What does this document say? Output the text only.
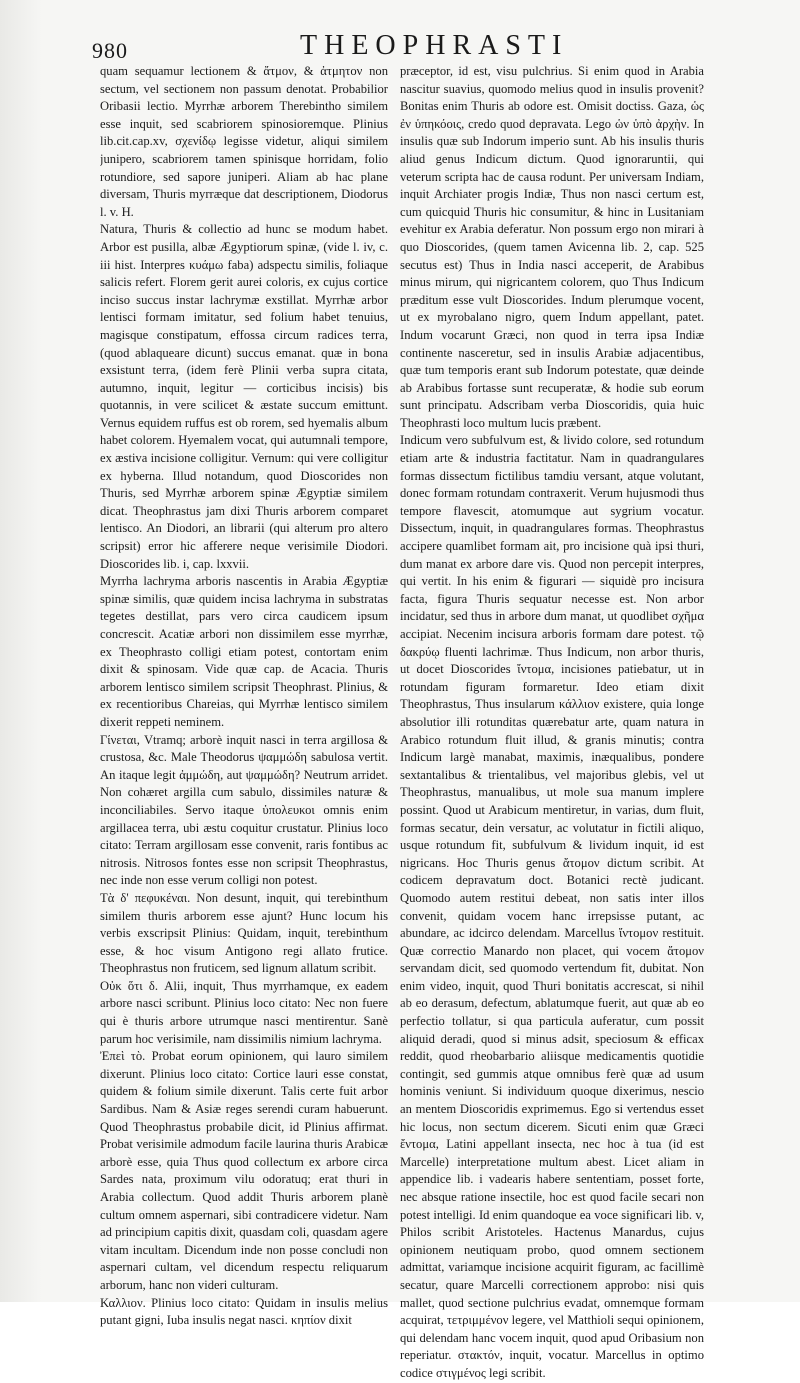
980	THEOPHRASTI

quam sequamur lectionem & ἄτμον, & ἀτμητον non sectum, vel sectionem non passum denotat. Probabilior Oribasii lectio. Myrrhæ arborem Therebintho similem esse inquit, sed scabriorem spinosioremque. Plinius lib.cit.cap.xv, σχενίδῳ legisse videtur, aliqui similem junipero, scabriorem tamen spinisque horridam, folio rotundiore, sed sapore juniperi. Aliam ab hac plane diversam, Thuris myrræque dat descriptionem, Diodorus l. v. H.

Natura, Thuris & collectio ad hunc se modum habet. Arbor est pusilla, albæ Ægyptiorum spinæ, (vide l. iv, c. iii hist. Interpres κυάμω faba) adspectu similis, foliaque salicis refert. Florem gerit aurei coloris, ex cujus cortice inciso succus instar lachrymæ exstillat. Myrrhæ arbor lentisci formam imitatur, sed folium habet tenuius, magisque constipatum, effossa circum radices terra, (quod ablaqueare dicunt) succus emanat. quæ in bona exsistunt terra, (idem ferè Plinii verba supra citata, autumno, inquit, legitur — corticibus incisis) bis quotannis, in vere scilicet & æstate succum emittunt. Vernus equidem ruffus est ob rorem, sed hyemalis album habet colorem. Hyemalem vocat, qui autumnali tempore, ex æstiva incisione colligitur. Vernum: qui vere colligitur ex hyberna. Illud notandum, quod Dioscorides non Thuris, sed Myrrhæ arborem spinæ Ægyptiæ similem dicat. Theophrastus jam dixi Thuris arborem comparet lentisco. An Diodori, an librarii (qui alterum pro altero scripsit) error hic afferere neque verisimile Diodori. Dioscorides lib. i, cap. lxxvii.

Myrrha lachryma arboris nascentis in Arabia Ægyptiæ spinæ similis, quæ quidem incisa lachryma in substratas tegetes destillat, pars vero circa caudicem ipsum concrescit. Acatiæ arbori non dissimilem esse myrrhæ, ex Theophrasto colligi etiam potest, contortam enim dixit & spinosam. Vide quæ cap. de Acacia. Thuris arborem lentisco similem scripsit Theophrast. Plinius, & ex recentioribus Chareias, qui Myrrhæ lentisco similem dixerit reppeti neminem.

Γίνεται, Vtramq; arborè inquit nasci in terra argillosa & crustosa, &c. Male Theodorus ψαμμώδη sabulosa vertit. An itaque legit ἀμμώδη, aut ψαμμώδη? Neutrum arridet. Non cohæret argilla cum sabulo, dissimiles naturæ & inconciliabiles. Servo itaque ὑπολευκοι omnis enim argillacea terra, ubi æstu coquitur crustatur. Plinius loco citato: Terram argillosam esse convenit, raris fontibus ac nitrosis. Nitrosos fontes esse non scripsit Theophrastus, nec inde non esse verum colligi non potest.

Τὰ δ' πεφυκέναι. Non desunt, inquit, qui terebinthum similem thuris arborem esse ajunt? Hunc locum his verbis exscripsit Plinius: Quidam, inquit, terebinthum esse, & hoc visum Antigono regi allato frutice. Theophrastus non fruticem, sed lignum allatum scribit.

Οὐκ ὅτι δ. Alii, inquit, Thus myrrhamque, ex eadem arbore nasci scribunt. Plinius loco citato: Nec non fuere qui è thuris arbore utrumque nasci mentirentur. Sanè parum hoc verisimile, nam dissimilis nimium lachryma.

Ἐπεὶ τὸ. Probat eorum opinionem, qui lauro similem dixerunt. Plinius loco citato: Cortice lauri esse constat, quidem & folium simile dixerunt. Talis certe fuit arbor Sardibus. Nam & Asiæ reges serendi curam habuerunt. Quod Theophrastus probabile dicit, id Plinius affirmat. Probat verisimile admodum facile laurina thuris Arabicæ arborè esse, quia Thus quod collectum ex arbore circa Sardes nata, proximum vilu odoratuq; erat thuri in Arabia collectum. Quod addit Thuris arborem planè cultum omnem aspernari, sibi contradicere videtur. Nam ad principium capitis dixit, quasdam coli, quasdam agere vitam incultam. Dicendum inde non posse concludi non aspernari cultam, vel dicendum respectu reliquarum arborum, hanc non videri culturam.

Καλλιον. Plinius loco citato: Quidam in insulis melius putant gigni, Iuba insulis negat nasci. κηπίον dixit

præceptor, id est, visu pulchrius. Si enim quod in Arabia nascitur suavius, quomodo melius quod in insulis provenit? Bonitas enim Thuris ab odore est. Omisit doctiss. Gaza, ὡς ἐν ὑπηκόοις, credo quod depravata. Lego ὡν ὑπὸ ἀρχὴν. In insulis quæ sub Indorum imperio sunt. Ab his insulis thuris aliud genus Indicum dictum. Quod ignoraruntii, qui veterum scripta hac de causa rodunt. Per universam Indiam, inquit Archiater progis Indiæ, Thus non nasci certum est, cum quicquid Thuris hic consumitur, & hinc in Lusitaniam evehitur ex Arabia deferatur. Non possum ergo non mirari à quo Dioscorides, (quem tamen Avicenna lib. 2, cap. 525 secutus est) Thus in India nasci acceperit, de Arabibus minus mirum, qui nigricantem colorem, quo Thus Indicum præditum esse vult Dioscorides. Indum plerumque vocent, ut ex myrobalano nigro, quem Indum appellant, patet. Indum vocarunt Græci, non quod in terra ipsa Indiæ continente nasceretur, sed in insulis Arabiæ adjacentibus, quæ tum temporis erant sub Indorum potestate, quæ deinde ab Arabibus fortasse sunt recuperatæ, & hodie sub eorum sunt principatu. Adscribam verba Dioscoridis, quia huic Theophrasti loco multum lucis præbent.

Indicum vero subfulvum est, & livido colore, sed rotundum etiam arte & industria factitatur. Nam in quadrangulares formas dissectum fictilibus tamdiu versant, atque volutant, donec formam rotundam contraxerit. Verum hujusmodi thus tempore flavescit, atomumque aut sygrium vocatur. Dissectum, inquit, in quadrangulares formas. Theophrastus accipere quamlibet formam ait, pro incisione quà ipsi thuri, dum manat ex arbore dare vis. Quod non percepit interpres, qui vertit. In his enim & figurari — siquidè pro incisura facta, figura Thuris sequatur necesse est. Non arbor incidatur, sed thus in arbore dum manat, ut quodlibet σχῆμα accipiat. Necenim incisura arboris formam dare potest. τῷ δακρύῳ fluenti lachrimæ. Thus Indicum, non arbor thuris, ut docet Dioscorides ἴντομα, incisiones patiebatur, ut in rotundam figuram formaretur. Ideo etiam dixit Theophrastus, Thus insularum κάλλιον existere, quia longe absolutior illi rotunditas quærebatur arte, quam natura in Arabico rotundum fluit illud, & granis minutis; contra Indicum largè manabat, maximis, inæqualibus, pondere sextantalibus & trientalibus, vel majoribus glebis, vel ut Theophrastus, manualibus, ut mole sua manum implere possint. Quod ut Arabicum mentiretur, in varias, dum fluit, formas secatur, dein versatur, ac volutatur in fictili aliquo, usque rotundum fit, subfulvum & lividum inquit, id est nigricans. Hoc Thuris genus ἄτομον dictum scribit. At codicem depravatum doct. Botanici rectè judicant. Quomodo autem restitui debeat, non satis inter illos convenit, quidam vocem hanc irrepsisse putant, ac abundare, ac idcirco delendam. Marcellus ἴντομον restituit. Quæ correctio Manardo non placet, qui vocem ἄτομον servandam dicit, sed quomodo vertendum fit, dubitat. Non enim video, inquit, quod Thuri bonitatis accrescat, si nihil ab eo derasum, defectum, ablatumque fuerit, aut quæ ab eo perfectio tollatur, si qua particula auferatur, cum possit aliquid deradi, quod si minus adsit, speciosum & efficax reddit, quod rheobarbario aliisque medicamentis quotidie contingit, sed gummis atque omnibus ferè quæ ad usum hominis veniunt. Si individuum quoque dixerimus, nescio an mentem Dioscoridis exprimemus. Ego si vertendus esset hic locus, non sectum dicerem. Sicuti enim quæ Græci ἔντομα, Latini appellant insecta, nec hoc à tua (id est Marcelle) interpretatione multum abest. Licet aliam in appendice lib. i vadearis habere sententiam, posset forte, nec absque ratione insectile, hoc est quod facile secari non potest intelligi. Id enim quandoque ea voce significari lib. v, Philos scribit Aristoteles. Hactenus Manardus, cujus opinionem neutiquam probo, quod omnem sectionem admittat, variamque incisione acquirit figuram, ac facillimè secatur, quare Marcelli correctionem approbo: nisi quis mallet, quod sectione pulchrius evadat, omnemque formam acquirat, τετριμμένον legere, vel Matthioli sequi opinionem, qui delendam hanc vocem inquit, quod apud Oribasium non reperiatur. στακτόν, inquit, vocatur. Marcellus in optimo codice στιγμένος legi scribit.
